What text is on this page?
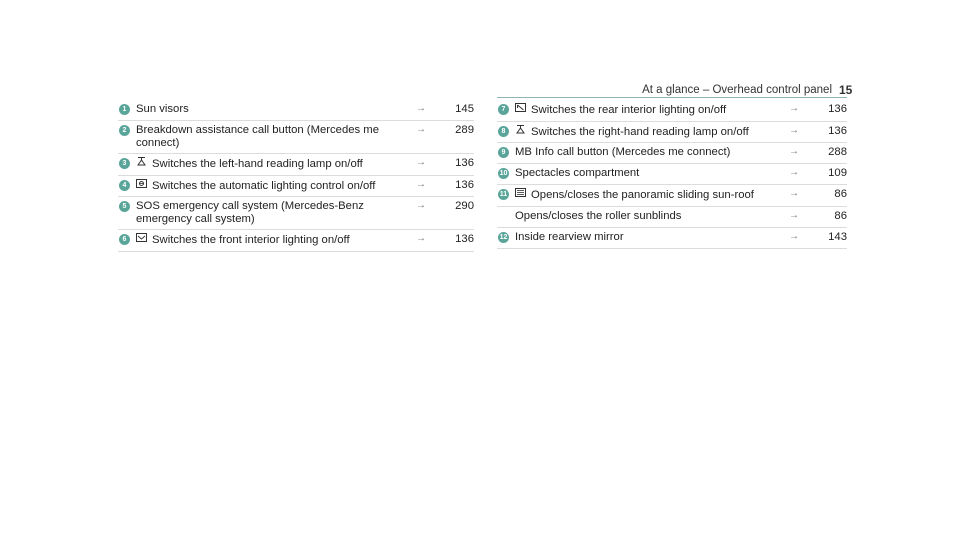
At a glance – Overhead control panel 15
1 Sun visors	→	145
2 Breakdown assistance call button (Mercedes me connect)
→	289
3	Switches the left-hand reading lamp on/off	→	136
4	Switches the automatic lighting control on/off	→	136
5 SOS emergency call system (Mercedes-Benz emergency call system)
→	290
6	Switches the front interior lighting on/off	→	136
7	Switches the rear interior lighting on/off	→	136
8	Switches the right-hand reading lamp on/off	→	136
9 MB Info call button (Mercedes me connect)	→	288
10 Spectacles compartment	→	109
11	Opens/closes the panoramic sliding sun-roof	→	86
Opens/closes the roller sunblinds	→	86
12 Inside rearview mirror	→	143
